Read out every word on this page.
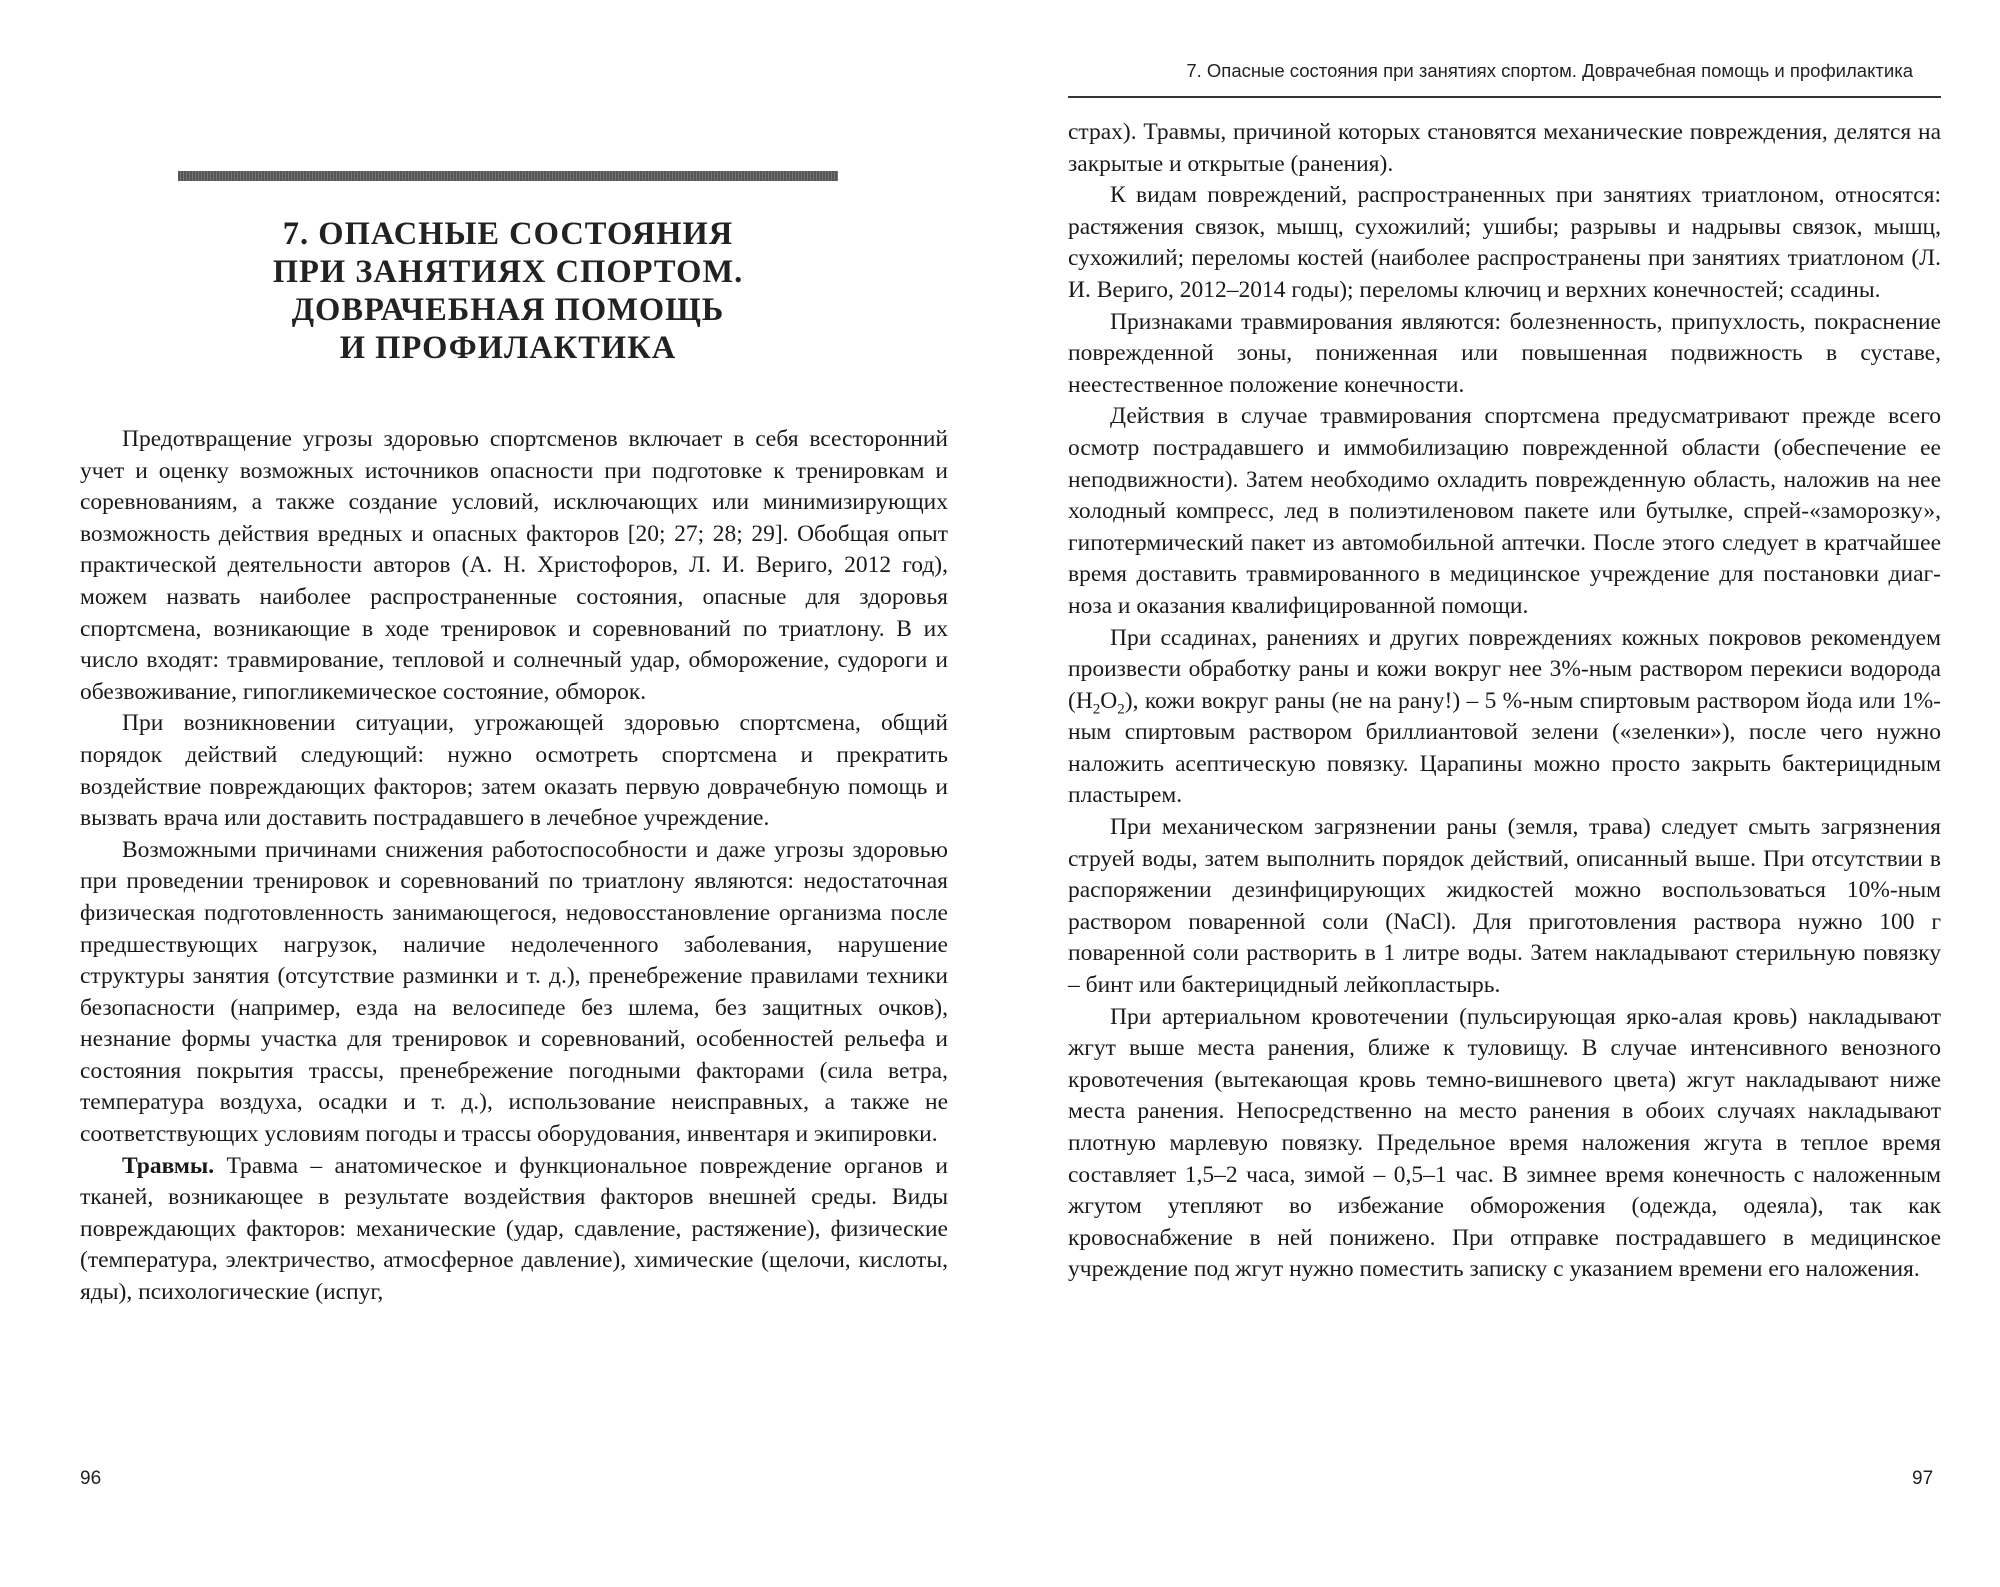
7. ОПАСНЫЕ СОСТОЯНИЯ
ПРИ ЗАНЯТИЯХ СПОРТОМ.
ДОВРАЧЕБНАЯ ПОМОЩЬ
И ПРОФИЛАКТИКА

Предотвращение угрозы здоровью спортсменов включает в себя всесторонний учет и оценку возможных источников опасности при подготовке к тренировкам и соревнованиям, а также создание условий, исключающих или минимизирующих возможность действия вредных и опасных факторов [20; 27; 28; 29]. Обобщая опыт практической деятельности авторов (А. Н. Христофоров, Л. И. Вериго, 2012 год), можем назвать наиболее распространенные состояния, опасные для здоровья спортсмена, возникающие в ходе тренировок и соревнований по триатлону. В их число входят: травмирование, тепловой и солнечный удар, обморожение, судороги и обезвоживание, гипогликемическое состояние, обморок.

При возникновении ситуации, угрожающей здоровью спортсмена, общий порядок действий следующий: нужно осмотреть спортсмена и прекратить воздействие повреждающих факторов; затем оказать первую доврачебную помощь и вызвать врача или доставить пострадавшего в лечебное учреждение.

Возможными причинами снижения работоспособности и даже угрозы здоровью при проведении тренировок и соревнований по триатлону являются: недостаточная физическая подготовленность занимающегося, недовосстановление организма после предшествующих нагрузок, наличие недолеченного заболевания, нарушение структуры занятия (отсутствие разминки и т. д.), пренебрежение правилами техники безопасности (например, езда на велосипеде без шлема, без защитных очков), незнание формы участка для тренировок и соревнований, особенностей рельефа и состояния покрытия трассы, пренебрежение погодными факторами (сила ветра, температура воздуха, осадки и т. д.), использование неисправных, а также не соответствующих условиям погоды и трассы оборудования, инвентаря и экипировки.

Травмы. Травма – анатомическое и функциональное повреждение органов и тканей, возникающее в результате воздействия факторов внешней среды. Виды повреждающих факторов: механические (удар, сдавление, растяжение), физические (температура, электричество, атмосферное давление), химические (щелочи, кислоты, яды), психологические (испуг,

96
7. Опасные состояния при занятиях спортом. Доврачебная помощь и профилактика

страх). Травмы, причиной которых становятся механические повреждения, делятся на закрытые и открытые (ранения).

К видам повреждений, распространенных при занятиях триатлоном, относятся: растяжения связок, мышц, сухожилий; ушибы; разрывы и надрывы связок, мышц, сухожилий; переломы костей (наиболее распространены при занятиях триатлоном (Л. И. Вериго, 2012–2014 годы); переломы ключиц и верхних конечностей; ссадины.

Признаками травмирования являются: болезненность, припухлость, покраснение поврежденной зоны, пониженная или повышенная подвижность в суставе, неестественное положение конечности.

Действия в случае травмирования спортсмена предусматривают прежде всего осмотр пострадавшего и иммобилизацию поврежденной области (обеспечение ее неподвижности). Затем необходимо охладить поврежденную область, наложив на нее холодный компресс, лед в полиэтиленовом пакете или бутылке, спрей-«заморозку», гипотермический пакет из автомобильной аптечки. После этого следует в кратчайшее время доставить травмированного в медицинское учреждение для постановки диагноза и оказания квалифицированной помощи.

При ссадинах, ранениях и других повреждениях кожных покровов рекомендуем произвести обработку раны и кожи вокруг нее 3%-ным раствором перекиси водорода $(H_2O_2)$, кожи вокруг раны (не на рану!) – 5 %-ным спиртовым раствором йода или 1%-ным спиртовым раствором бриллиантовой зелени («зеленки»), после чего нужно наложить асептическую повязку. Царапины можно просто закрыть бактерицидным пластырем.

При механическом загрязнении раны (земля, трава) следует смыть загрязнения струей воды, затем выполнить порядок действий, описанный выше. При отсутствии в распоряжении дезинфицирующих жидкостей можно воспользоваться 10%-ным раствором поваренной соли (NaCl). Для приготовления раствора нужно 100 г поваренной соли растворить в 1 литре воды. Затем накладывают стерильную повязку – бинт или бактерицидный лейкопластырь.

При артериальном кровотечении (пульсирующая ярко-алая кровь) накладывают жгут выше места ранения, ближе к туловищу. В случае интенсивного венозного кровотечения (вытекающая кровь темно-вишневого цвета) жгут накладывают ниже места ранения. Непосредственно на место ранения в обоих случаях накладывают плотную марлевую повязку. Предельное время наложения жгута в теплое время составляет 1,5–2 часа, зимой – 0,5–1 час. В зимнее время конечность с наложенным жгутом утепляют во избежание обморожения (одежда, одеяла), так как кровоснабжение в ней понижено. При отправке пострадавшего в медицинское учреждение под жгут нужно поместить записку с указанием времени его наложения.

97
